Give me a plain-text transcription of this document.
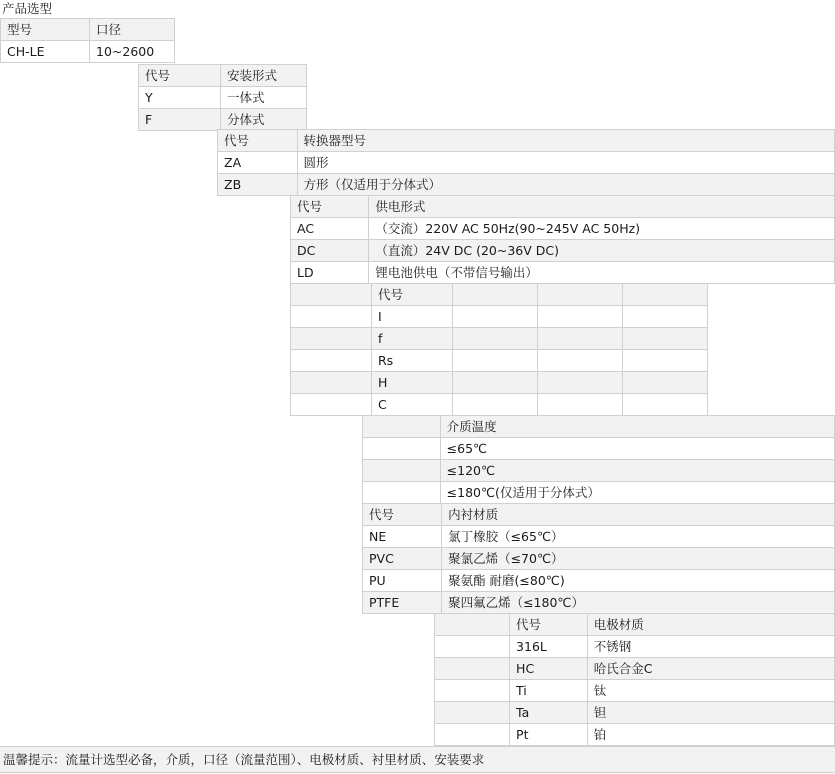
产品选型
型号	口径
CH-LE	10~2600
代号	安装形式
Y	一体式
F	分体式
代号	转换器型号
ZA	圆形
ZB	方形（仅适用于分体式）
代号	供电形式
AC	（交流）220V AC 50Hz(90~245V AC 50Hz)
DC	（直流）24V DC (20~36V DC)
LD	锂电池供电（不带信号输出）
	代号			
	I			
	f			
	Rs			
	H			
	C			
	介质温度
	≤65℃
	≤120℃
	≤180℃(仅适用于分体式）
代号	内衬材质
NE	氯丁橡胶（≤65℃）
PVC	聚氯乙烯（≤70℃）
PU	聚氨酯 耐磨(≤80℃)
PTFE	聚四氟乙烯（≤180℃）
	代号	电极材质
	316L	不锈钢
	HC	哈氏合金C
	Ti	钛
	Ta	钽
	Pt	铂
温馨提示：流量计选型必备，介质，口径（流量范围）、电极材质、衬里材质、安装要求
